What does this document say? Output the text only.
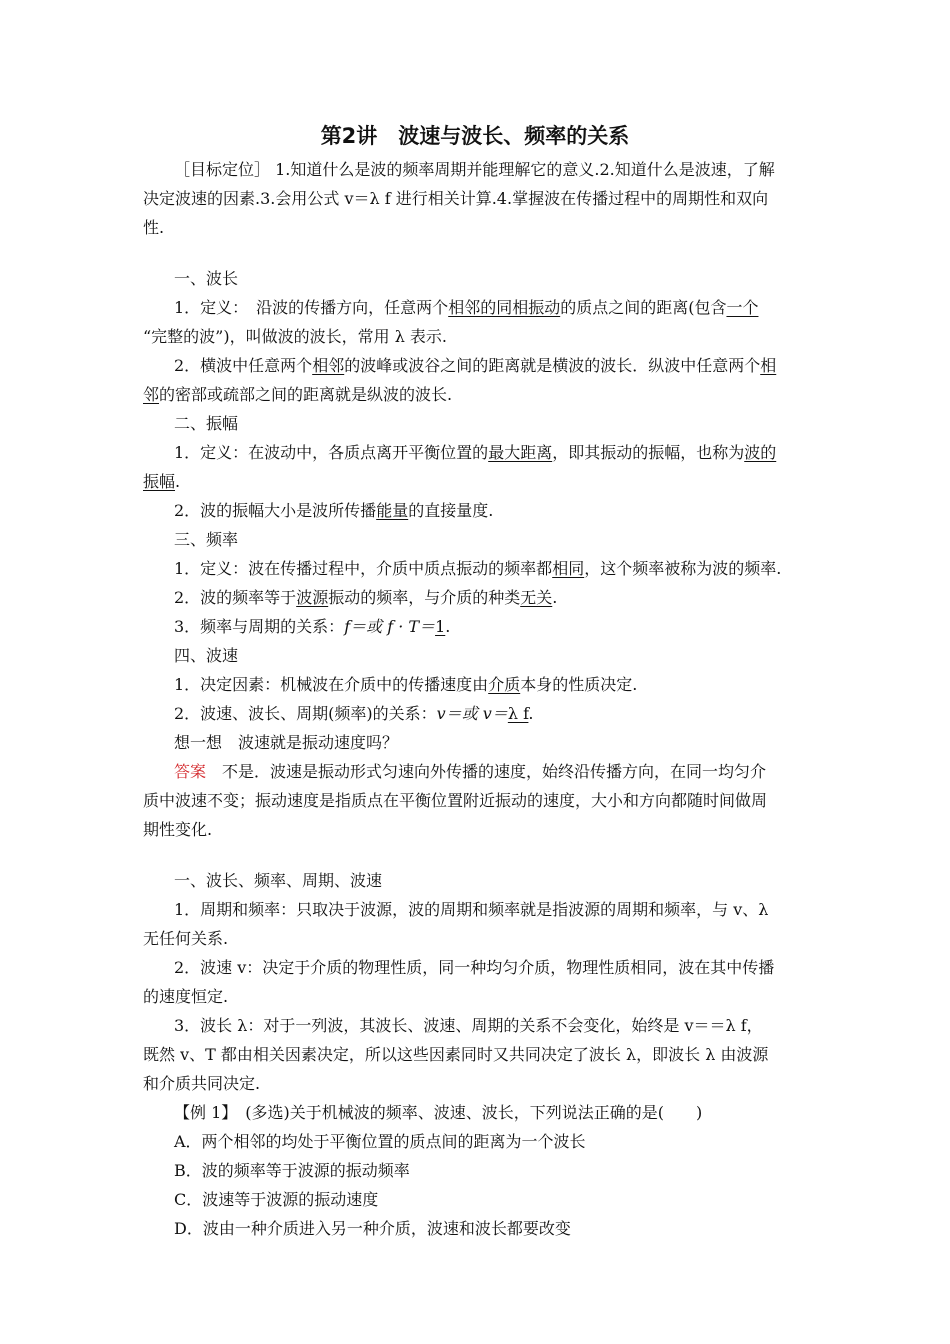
第2讲　波速与波长、频率的关系
［目标定位］ 1.知道什么是波的频率周期并能理解它的意义.2.知道什么是波速，了解
决定波速的因素.3.会用公式 v＝λ f 进行相关计算.4.掌握波在传播过程中的周期性和双向
性.
一、波长
1．定义：　沿波的传播方向，任意两个相邻的同相振动的质点之间的距离(包含一个
“完整的波”)，叫做波的波长，常用 λ 表示.
2．横波中任意两个相邻的波峰或波谷之间的距离就是横波的波长．纵波中任意两个相
邻的密部或疏部之间的距离就是纵波的波长.
二、振幅
1．定义：在波动中，各质点离开平衡位置的最大距离，即其振动的振幅，也称为波的
振幅.
2．波的振幅大小是波所传播能量的直接量度.
三、频率
1．定义：波在传播过程中，介质中质点振动的频率都相同，这个频率被称为波的频率.
2．波的频率等于波源振动的频率，与介质的种类无关.
3．频率与周期的关系：f＝或 f · T＝1.
四、波速
1．决定因素：机械波在介质中的传播速度由介质本身的性质决定.
2．波速、波长、周期(频率)的关系：v＝或 v＝λ f.
想一想　波速就是振动速度吗？
答案　不是．波速是振动形式匀速向外传播的速度，始终沿传播方向，在同一均匀介
质中波速不变；振动速度是指质点在平衡位置附近振动的速度，大小和方向都随时间做周
期性变化.
一、波长、频率、周期、波速
1．周期和频率：只取决于波源，波的周期和频率就是指波源的周期和频率，与 v、λ
无任何关系.
2．波速 v：决定于介质的物理性质，同一种均匀介质，物理性质相同，波在其中传播
的速度恒定.
3．波长 λ：对于一列波，其波长、波速、周期的关系不会变化，始终是 v＝＝λ f，
既然 v、T 都由相关因素决定，所以这些因素同时又共同决定了波长 λ，即波长 λ 由波源
和介质共同决定.
【例 1】　(多选)关于机械波的频率、波速、波长，下列说法正确的是(　　)
A．两个相邻的均处于平衡位置的质点间的距离为一个波长
B．波的频率等于波源的振动频率
C．波速等于波源的振动速度
D．波由一种介质进入另一种介质，波速和波长都要改变
